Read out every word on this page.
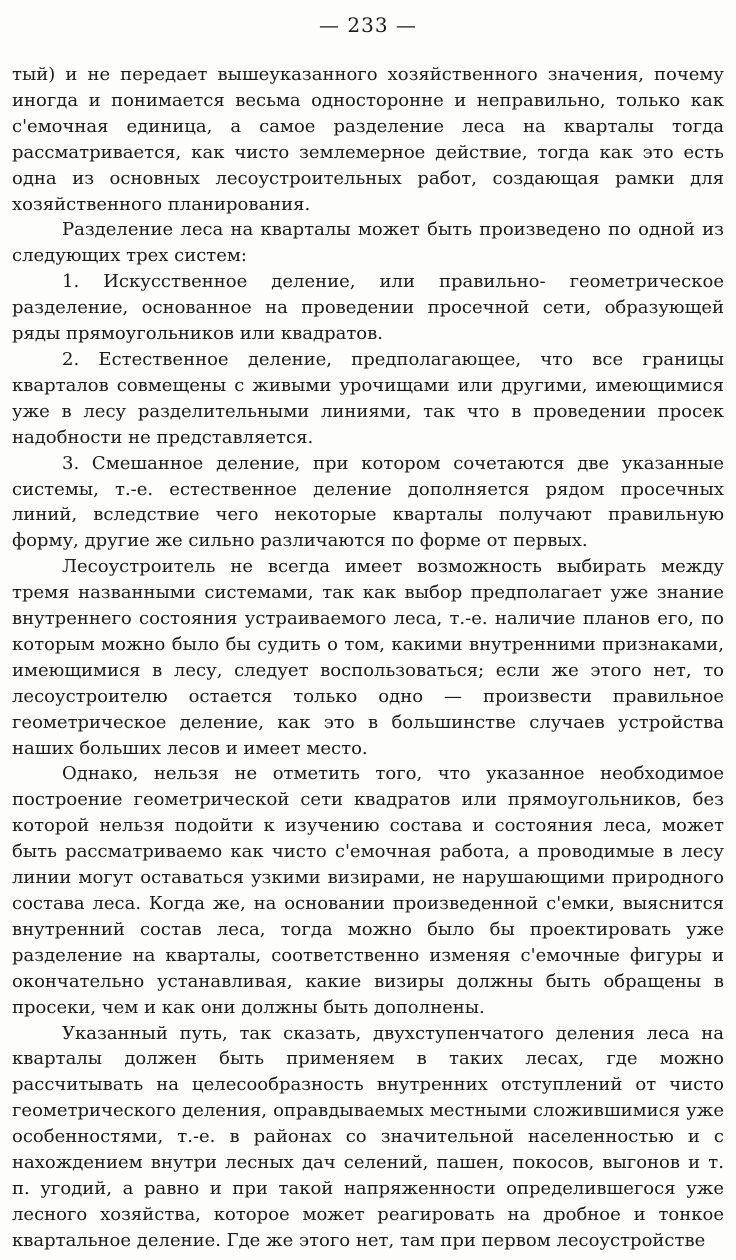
— 233 —

тый) и не передает вышеуказанного хозяйственного значения, почему иногда и понимается весьма односторонне и неправильно, только как с'емочная единица, а самое разделение леса на кварталы тогда рассматривается, как чисто землемерное действие, тогда как это есть одна из основных лесоустроительных работ, создающая рамки для хозяйственного планирования.

Разделение леса на кварталы может быть произведено по одной из следующих трех систем:

1. Искусственное деление, или правильно- геометрическое разделение, основанное на проведении просечной сети, образующей ряды прямоугольников или квадратов.

2. Естественное деление, предполагающее, что все границы кварталов совмещены с живыми урочищами или другими, имеющимися уже в лесу разделительными линиями, так что в проведении просек надобности не представляется.

3. Смешанное деление, при котором сочетаются две указанные системы, т.-е. естественное деление дополняется рядом просечных линий, вследствие чего некоторые кварталы получают правильную форму, другие же сильно различаются по форме от первых.

Лесоустроитель не всегда имеет возможность выбирать между тремя названными системами, так как выбор предполагает уже знание внутреннего состояния устраиваемого леса, т.-е. наличие планов его, по которым можно было бы судить о том, какими внутренними признаками, имеющимися в лесу, следует воспользоваться; если же этого нет, то лесоустроителю остается только одно — произвести правильное геометрическое деление, как это в большинстве случаев устройства наших больших лесов и имеет место.

Однако, нельзя не отметить того, что указанное необходимое построение геометрической сети квадратов или прямоугольников, без которой нельзя подойти к изучению состава и состояния леса, может быть рассматриваемо как чисто с'емочная работа, а проводимые в лесу линии могут оставаться узкими визирами, не нарушающими природного состава леса. Когда же, на основании произведенной с'емки, выяснится внутренний состав леса, тогда можно было бы проектировать уже разделение на кварталы, соответственно изменяя с'емочные фигуры и окончательно устанавливая, какие визиры должны быть обращены в просеки, чем и как они должны быть дополнены.

Указанный путь, так сказать, двухступенчатого деления леса на кварталы должен быть применяем в таких лесах, где можно рассчитывать на целесообразность внутренних отступлений от чисто геометрического деления, оправдываемых местными сложившимися уже особенностями, т.-е. в районах со значительной населенностью и с нахождением внутри лесных дач селений, пашен, покосов, выгонов и т. п. угодий, а равно и при такой напряженности определившегося уже лесного хозяйства, которое может реагировать на дробное и тонкое квартальное деление. Где же этого нет, там при первом лесоустройстве
